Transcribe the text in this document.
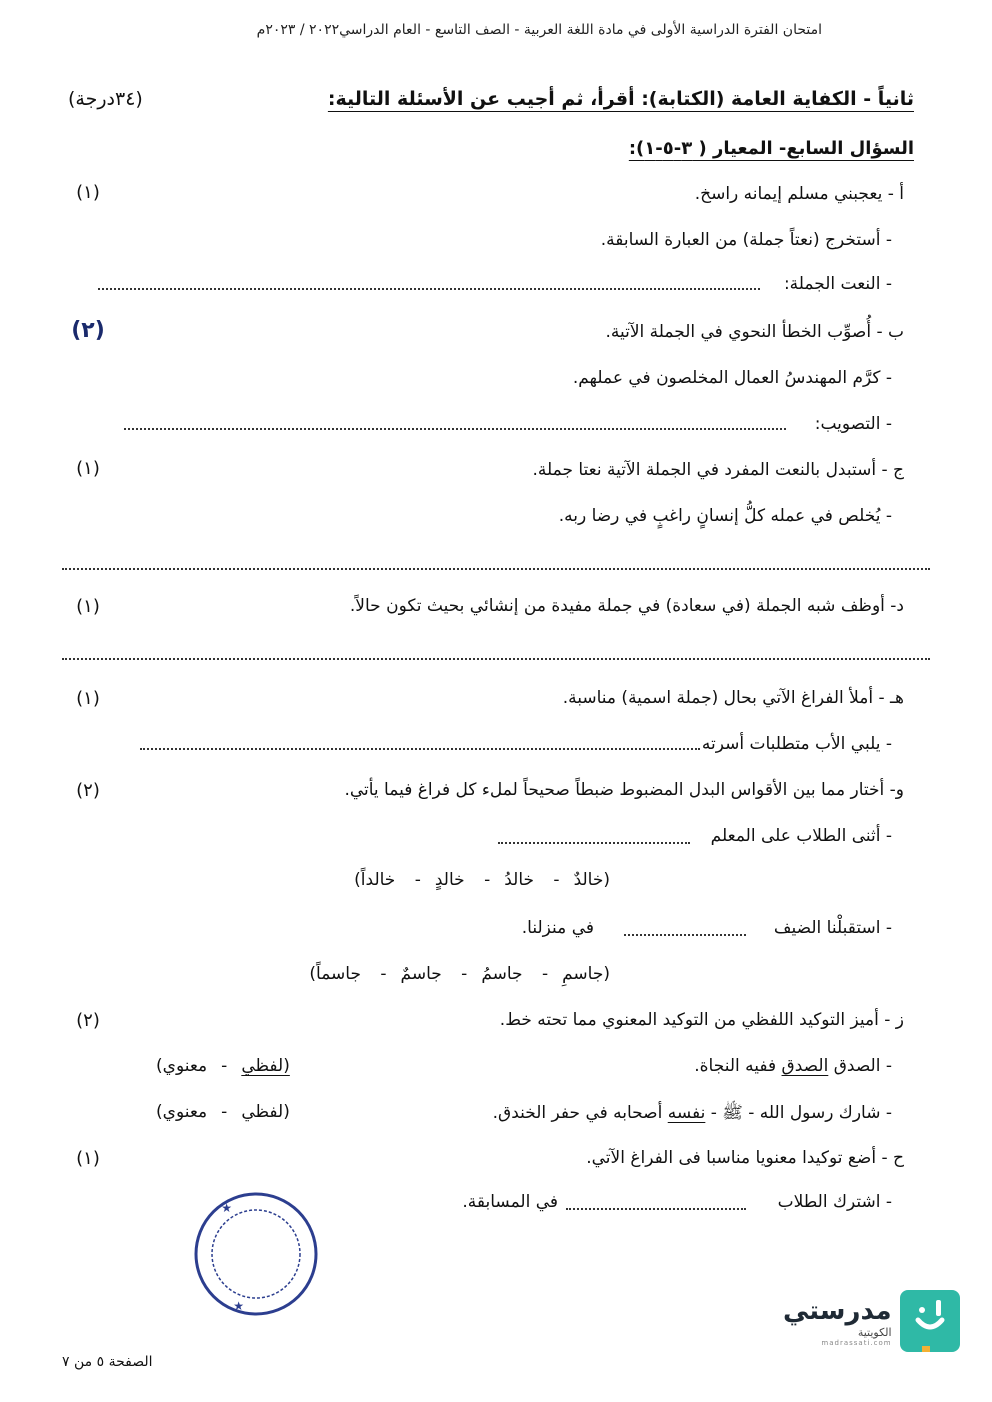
امتحان الفترة الدراسية الأولى في مادة اللغة العربية - الصف التاسع - العام الدراسي٢٠٢٢ / ٢٠٢٣م
ثانياً - الكفاية العامة (الكتابة): أقرأ، ثم أجيب عن الأسئلة التالية:
(٣٤درجة)
السؤال السابع- المعيار ( ٣-٥-١):
أ - يعجبني مسلم إيمانه راسخ.
(١)
- أستخرج (نعتاً جملة) من العبارة السابقة.
- النعت الجملة:
ب - أُصوِّب الخطأ النحوي في الجملة الآتية.
(٢)
- كرَّم المهندسُ العمال المخلصون في عملهم.
- التصويب:
ج - أستبدل بالنعت المفرد في الجملة الآتية نعتا جملة.
(١)
- يُخلص في عمله كلُّ إنسانٍ راغبٍ في رضا ربه.
د- أوظف شبه الجملة (في سعادة) في جملة مفيدة من إنشائي بحيث تكون حالاً.
(١)
هـ - أملأ الفراغ الآتي بحال (جملة اسمية) مناسبة.
(١)
- يلبي الأب متطلبات أسرته
و- أختار مما بين الأقواس البدل المضبوط ضبطاً صحيحاً لملء كل فراغ فيما يأتي.
(٢)
- أثنى الطلاب على المعلم
(خالدٌ- خالدُ- خالدٍ- خالداً)
- استقبلْنا الضيف
في منزلنا.
(جاسمِ- جاسمُ- جاسمٌ- جاسماً)
ز - أميز التوكيد اللفظي من التوكيد المعنوي مما تحته خط.
(٢)
- الصدق الصدق ففيه النجاة.
(لفظي-معنوي)
- شارك رسول الله - ﷺ - نفسه أصحابه في حفر الخندق.
(لفظي-معنوي)
ح - أضع توكيدا معنويا مناسبا فى الفراغ الآتي.
(١)
- اشترك الطلاب
في المسابقة.
★
★	مدرستي
الكويتية
madrassati.com
الصفحة ٥ من ٧
